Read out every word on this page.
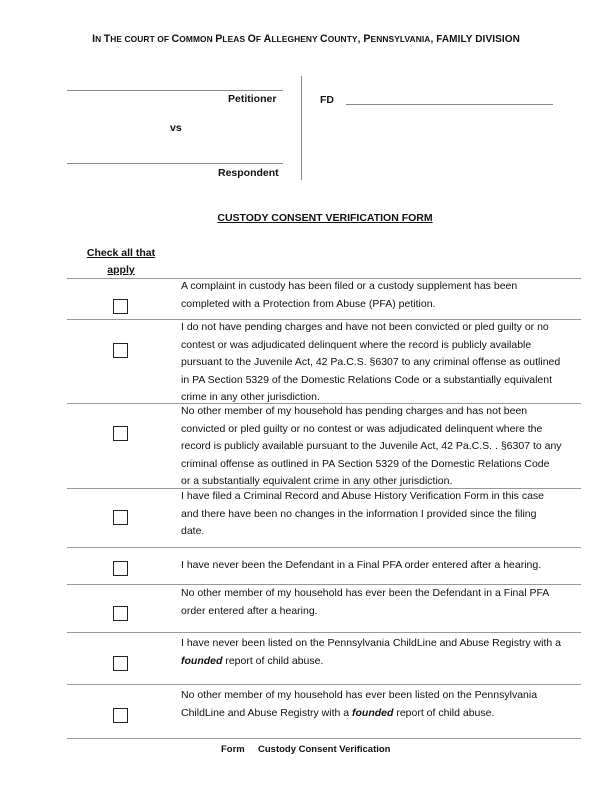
IN THE COURT OF COMMON PLEAS OF ALLEGHENY COUNTY, PENNSYLVANIA, FAMILY DIVISION
Petitioner
vs
Respondent
FD
CUSTODY CONSENT VERIFICATION FORM
Check all that apply
A complaint in custody has been filed or a custody supplement has been
completed with a Protection from Abuse (PFA) petition.
I do not have pending charges and have not been convicted or pled guilty or no
contest or was adjudicated delinquent where the record is publicly available
pursuant to the Juvenile Act, 42 Pa.C.S. §6307 to any criminal offense as outlined
in PA Section 5329 of the Domestic Relations Code or a substantially equivalent
crime in any other jurisdiction.
No other member of my household has pending charges and has not been
convicted or pled guilty or no contest or was adjudicated delinquent where the
record is publicly available pursuant to the Juvenile Act, 42 Pa.C.S. . §6307 to any
criminal offense as outlined in PA Section 5329 of the Domestic Relations Code
or a substantially equivalent crime in any other jurisdiction.
I have filed a Criminal Record and Abuse History Verification Form in this case
and there have been no changes in the information I provided since the filing
date.
I have never been the Defendant in a Final PFA order entered after a hearing.
No other member of my household has ever been the Defendant in a Final PFA
order entered after a hearing.
I have never been listed on the Pennsylvania ChildLine and Abuse Registry with a
founded report of child abuse.
No other member of my household has ever been listed on the Pennsylvania
ChildLine and Abuse Registry with a founded report of child abuse.
Form Custody Consent Verification
